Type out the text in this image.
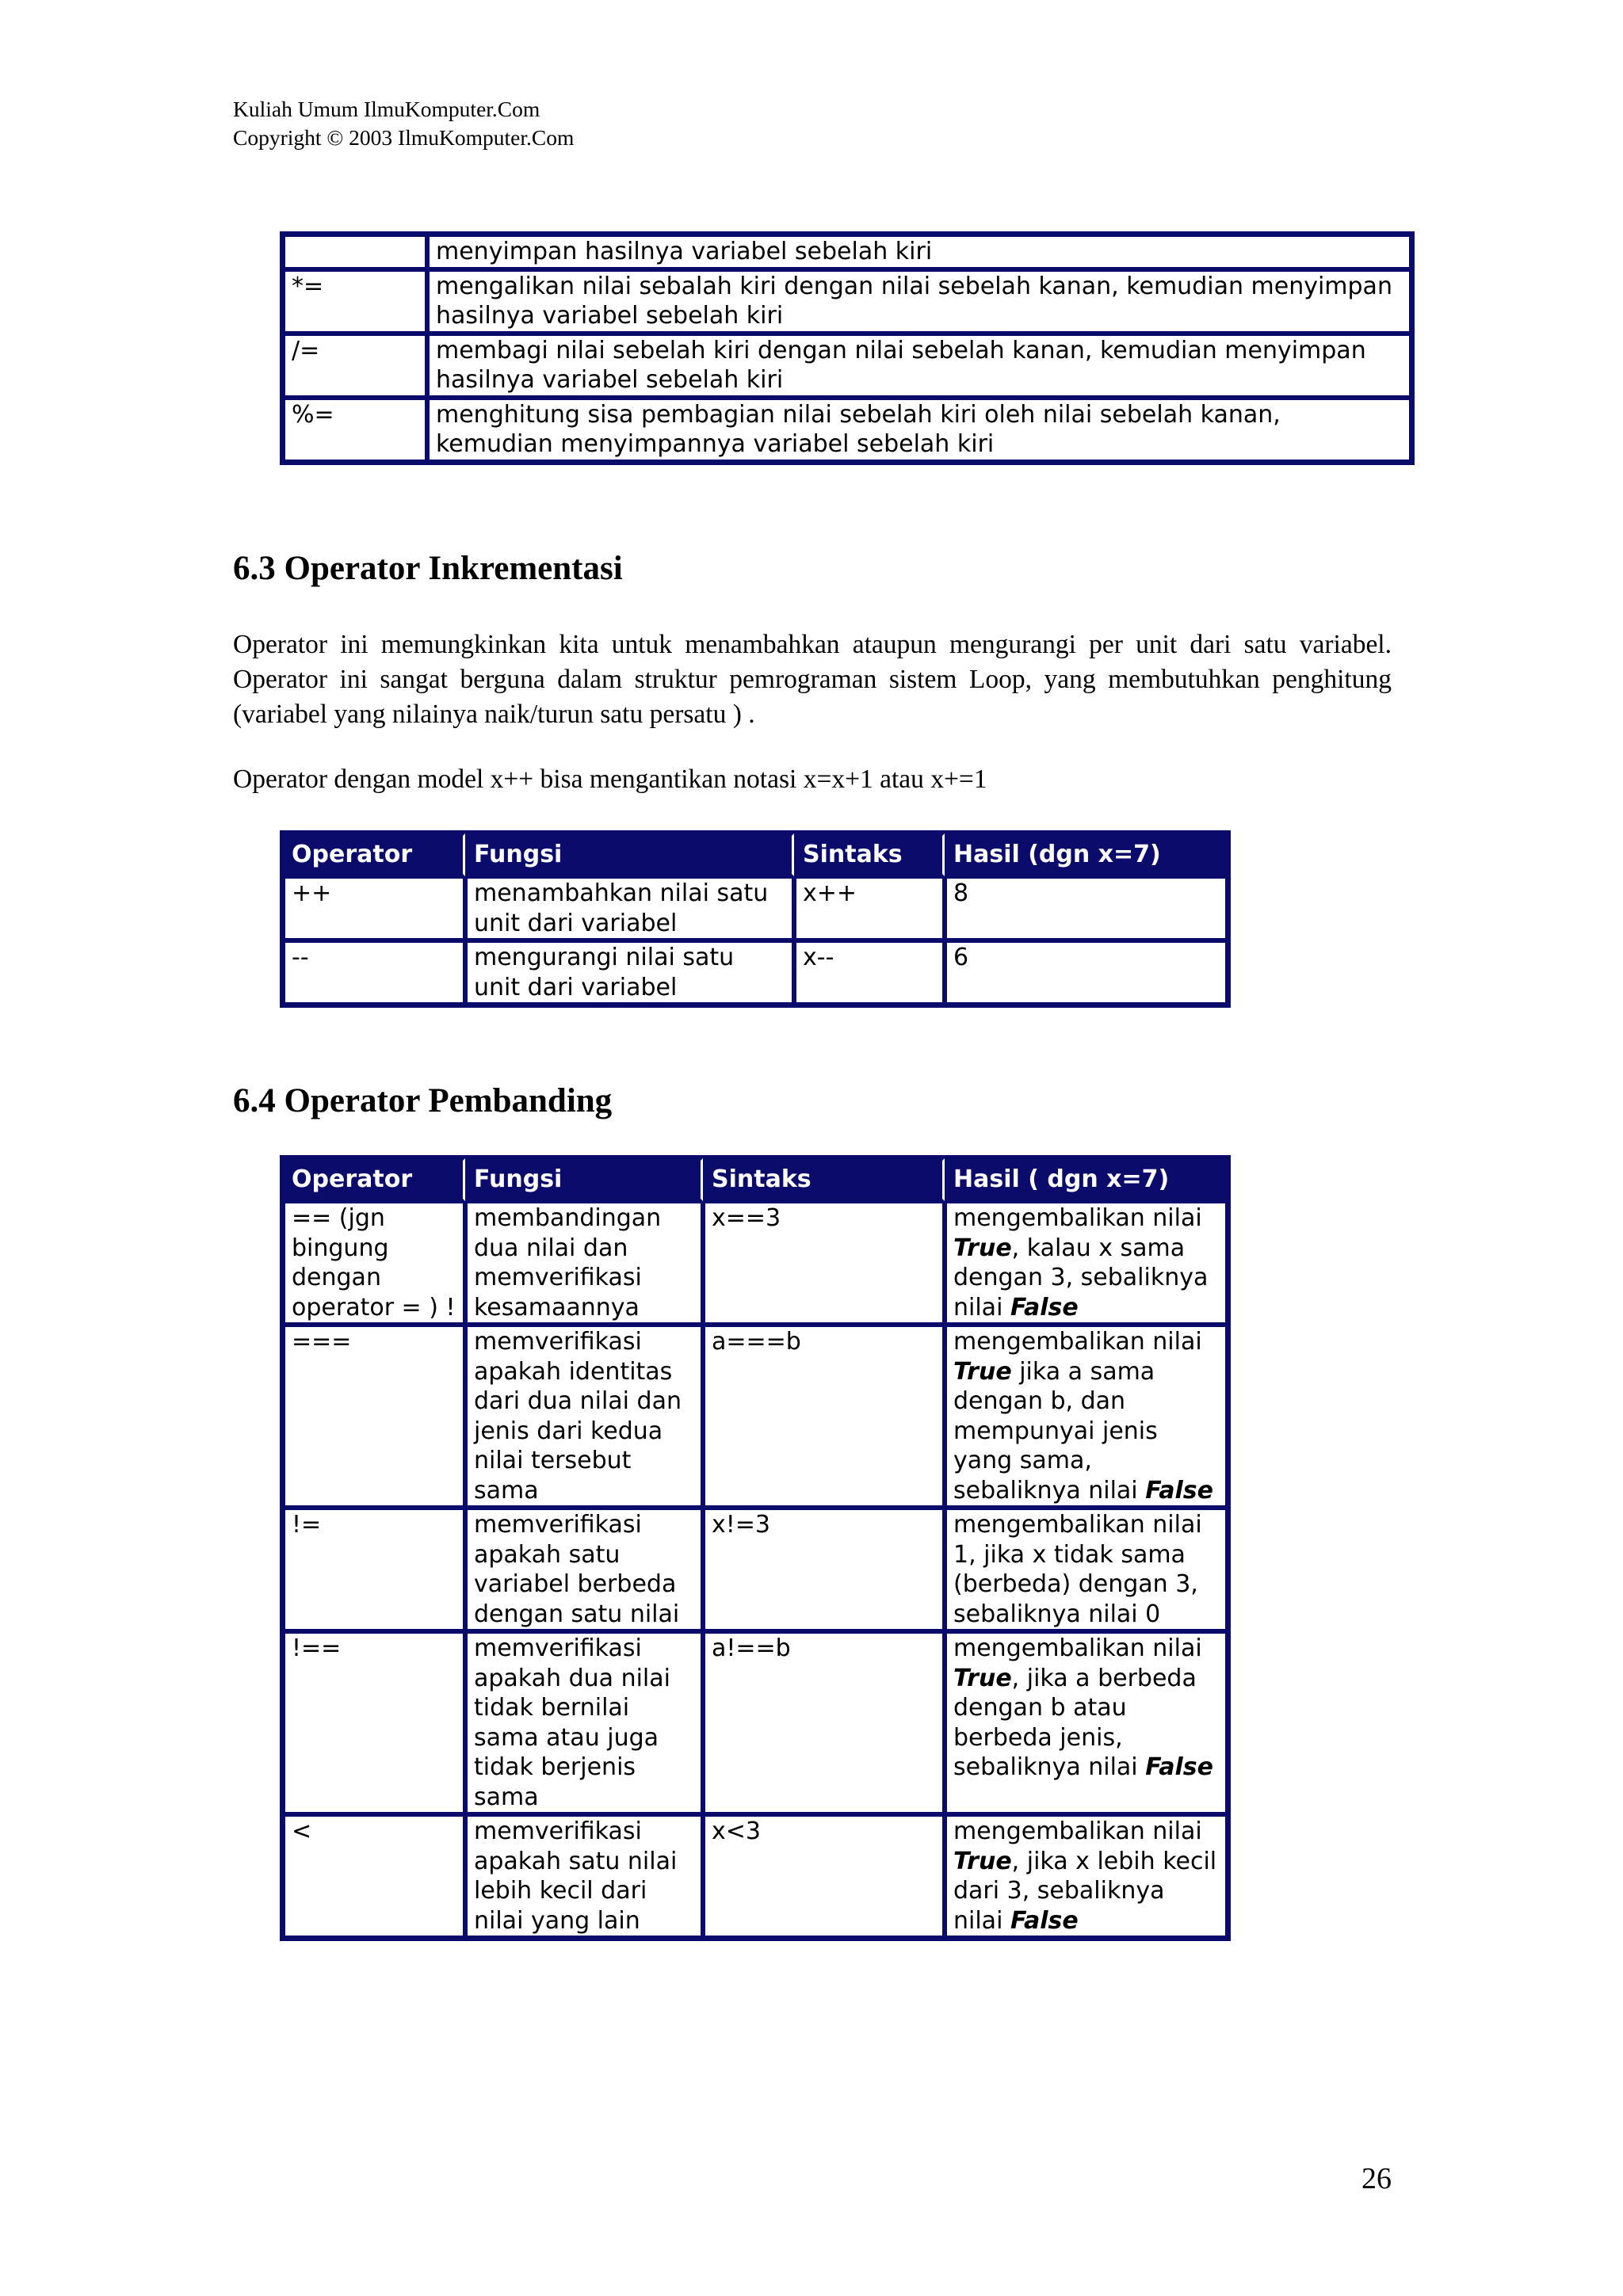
Kuliah Umum IlmuKomputer.Com
Copyright © 2003 IlmuKomputer.Com
	menyimpan hasilnya variabel sebelah kiri
*=	mengalikan nilai sebalah kiri dengan nilai sebelah kanan, kemudian menyimpan hasilnya variabel sebelah kiri
/=	membagi nilai sebelah kiri dengan nilai sebelah kanan, kemudian menyimpan hasilnya variabel sebelah kiri
%=	menghitung sisa pembagian nilai sebelah kiri oleh nilai sebelah kanan, kemudian menyimpannya variabel sebelah kiri
6.3 Operator Inkrementasi

Operator ini memungkinkan kita untuk menambahkan ataupun mengurangi per unit dari satu variabel. Operator ini sangat berguna dalam struktur pemrograman sistem Loop, yang membutuhkan penghitung (variabel yang nilainya naik/turun satu persatu ) .

Operator dengan model x++ bisa mengantikan notasi x=x+1 atau x+=1

Operator	Fungsi	Sintaks	Hasil (dgn x=7)
++	menambahkan nilai satu unit dari variabel	x++	8
--	mengurangi nilai satu unit dari variabel	x--	6
6.4 Operator Pembanding
Operator	Fungsi	Sintaks	Hasil ( dgn x=7)
== (jgn bingung dengan operator = ) !	membandingan dua nilai dan memverifikasi kesamaannya	x==3	mengembalikan nilai True, kalau x sama dengan 3, sebaliknya nilai False
===	memverifikasi apakah identitas dari dua nilai dan jenis dari kedua nilai tersebut sama	a===b	mengembalikan nilai True jika a sama dengan b, dan mempunyai jenis yang sama, sebaliknya nilai False
!=	memverifikasi apakah satu variabel berbeda dengan satu nilai	x!=3	mengembalikan nilai 1, jika x tidak sama (berbeda) dengan 3, sebaliknya nilai 0
!==	memverifikasi apakah dua nilai tidak bernilai sama atau juga tidak berjenis sama	a!==b	mengembalikan nilai True, jika a berbeda dengan b atau berbeda jenis, sebaliknya nilai False
<	memverifikasi apakah satu nilai lebih kecil dari nilai yang lain	x<3	mengembalikan nilai True, jika x lebih kecil dari 3, sebaliknya nilai False
26
